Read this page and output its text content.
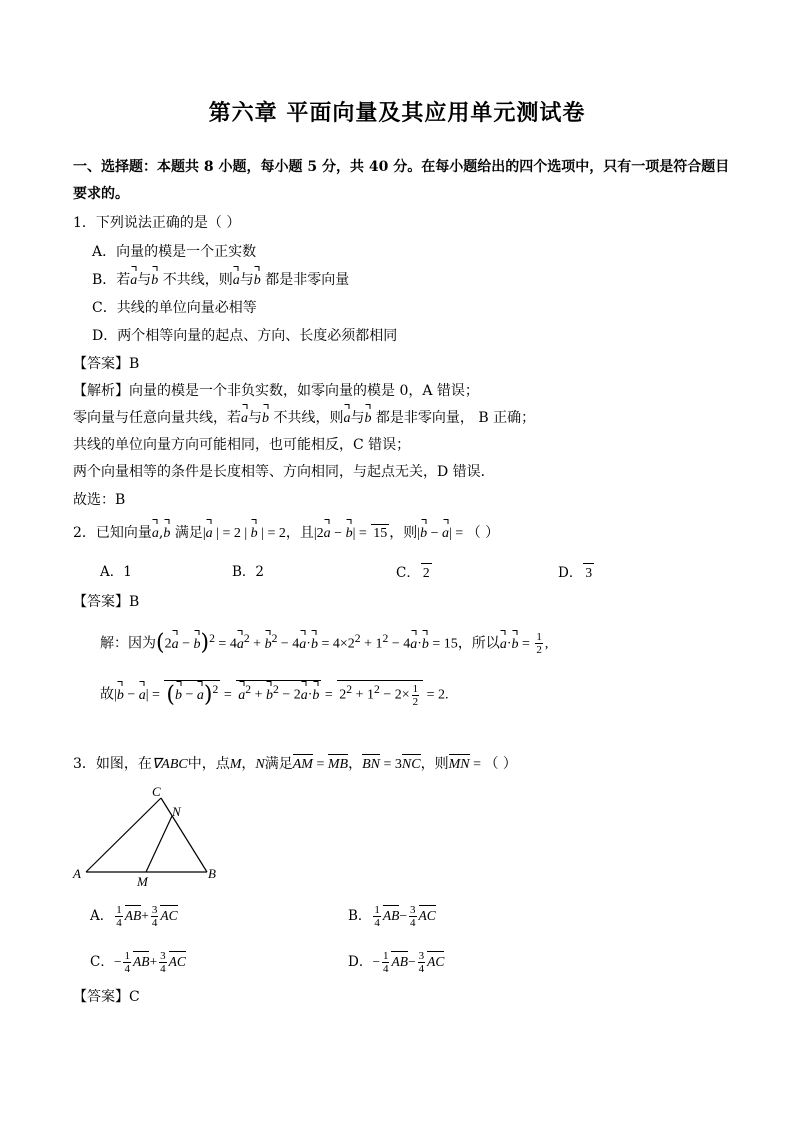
第六章 平面向量及其应用单元测试卷
一、选择题：本题共 8 小题，每小题 5 分，共 40 分。在每小题给出的四个选项中，只有一项是符合题目
要求的。
1．下列说法正确的是（ ）
A．向量的模是一个正实数
B．若a与b 不共线，则a与b 都是非零向量
C．共线的单位向量必相等
D．两个相等向量的起点、方向、长度必须都相同
【答案】B
【解析】向量的模是一个非负实数，如零向量的模是 0，A 错误；
零向量与任意向量共线，若a与b 不共线，则a与b 都是非零向量， B 正确；
共线的单位向量方向可能相同，也可能相反，C 错误；
两个向量相等的条件是长度相等、方向相同，与起点无关，D 错误．
故选：B
2．已知向量a,b 满足|a | = 2 | b | = 2，且|2a − b| = 15 ，则|b − a| = （ ）
A．1	B．2	C． 2	D． 3
【答案】B
解：因为$(2a - b)^2 = 4a^2 + b^2 - 4a\cdot b = 4\times 2^2 + 1^2 - 4a\cdot b = 15$，所以$a\cdot b = \frac{1}{2}$ ,
故$|b - a| = (b - a)^2 = a^2 + b^2 - 2a\cdot b = 2^2 + 1^2 - 2\times \frac{1}{2} = 2$.
3．如图，在∇ABC中，点M，N满足AM = MB，BN = 3NC，则MN = （ ）
C
N
A
M
B
A． $\frac{1}{4} AB+ \frac{3}{4}$ AC	B． $\frac{1}{4} AB- \frac{3}{4}$ AC
C．− $\frac{1}{4} AB+ \frac{3}{4}$ AC	D．− $\frac{1}{4} AB- \frac{3}{4}$ AC
【答案】C
